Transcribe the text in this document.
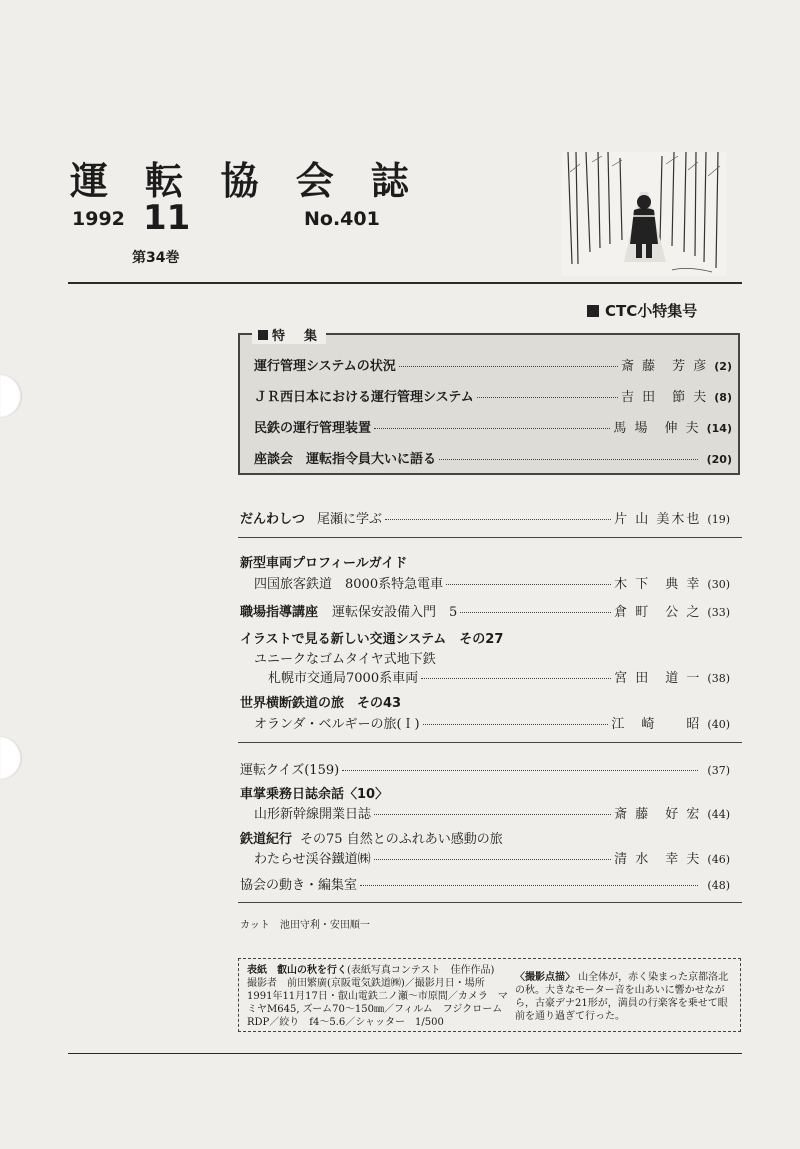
運 転 協 会 誌
1992 11	No.401
第34巻
CTC小特集号
特　集
運行管理システムの状況	斎 藤　芳 彦 (2)
ＪＲ西日本における運行管理システム	吉 田　節 夫 (8)
民鉄の運行管理装置	馬 場　伸 夫 (14)
座談会　運転指令員大いに語る	(20)
だんわしつ 尾瀬に学ぶ	片 山 美木也 (19)
新型車両プロフィールガイド
四国旅客鉄道　8000系特急電車	木 下　典 幸 (30)
職場指導講座 運転保安設備入門　5	倉 町　公 之 (33)
イラストで見る新しい交通システム　その27
ユニークなゴムタイヤ式地下鉄
札幌市交通局7000系車両	宮 田　道 一 (38)
世界横断鉄道の旅　その43
オランダ・ベルギーの旅(Ｉ)	江　崎　　昭 (40)
運転クイズ(159)	(37)
車掌乗務日誌余話〈10〉
山形新幹線開業日誌	斎 藤　好 宏 (44)
鉄道紀行 その75 自然とのふれあい感動の旅
わたらせ渓谷鐵道㈱	清 水　幸 夫 (46)
協会の動き・編集室	(48)
カット　池田守利・安田順一
表紙　 叡山の秋を行く(表紙写真コンテスト　佳作作品)
撮影者　前田繁廣(京阪電気鉄道㈱)／撮影月日・場所
1991年11月17日・叡山電鉄二ノ瀬～市原間／カメラ　マ
ミヤM645, ズーム70～150㎜／フィルム　フジクローム
RDP／絞り　f4～5.6／シャッター　1/500
〈撮影点描〉 山全体が，赤く染まった京都洛北の秋。大きなモーター音を山あいに響かせながら，古豪デナ21形が，満員の行楽客を乗せて眼前を通り過ぎて行った。
